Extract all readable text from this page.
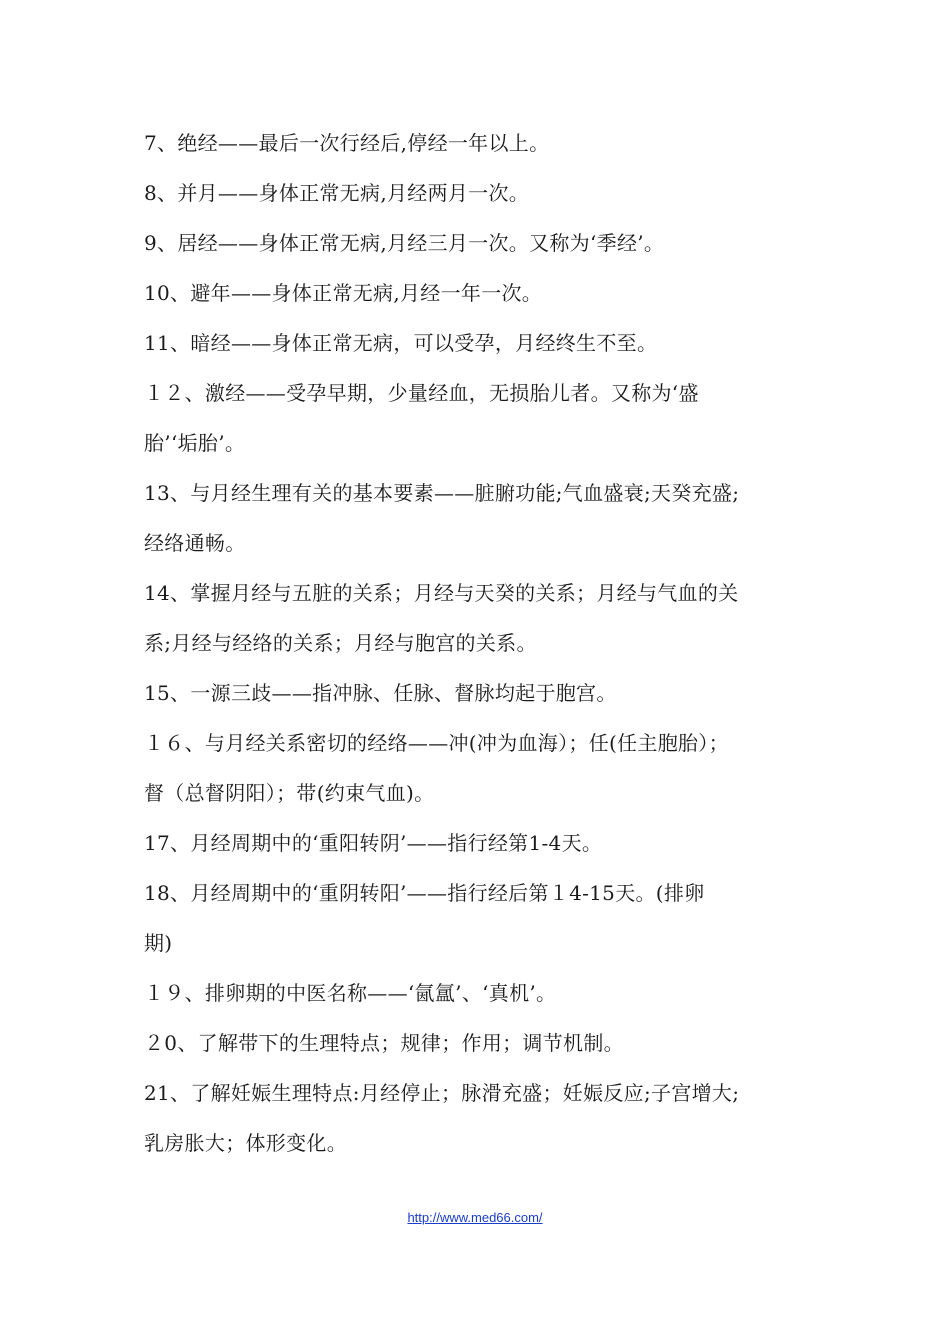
7、绝经——最后一次行经后,停经一年以上。
8、并月——身体正常无病,月经两月一次。
9、居经——身体正常无病,月经三月一次。又称为‘季经’。
10、避年——身体正常无病,月经一年一次。
11、暗经——身体正常无病，可以受孕，月经终生不至。
１２、激经——受孕早期，少量经血，无损胎儿者。又称为‘盛
胎’‘垢胎’。
13、与月经生理有关的基本要素——脏腑功能;气血盛衰;天癸充盛;
经络通畅。
14、掌握月经与五脏的关系；月经与天癸的关系；月经与气血的关
系;月经与经络的关系；月经与胞宫的关系。
15、一源三歧——指冲脉、任脉、督脉均起于胞宫。
１６、与月经关系密切的经络——冲(冲为血海）；任(任主胞胎）；
督（总督阴阳）；带(约束气血)。
17、月经周期中的‘重阳转阴’——指行经第1-4天。
18、月经周期中的‘重阴转阳’——指行经后第１4-15天。(排卵
期)
１９、排卵期的中医名称——‘氤氲’、‘真机’。
２0、了解带下的生理特点；规律；作用；调节机制。
21、了解妊娠生理特点:月经停止；脉滑充盛；妊娠反应;子宫增大;
乳房胀大；体形变化。
http://www.med66.com/
